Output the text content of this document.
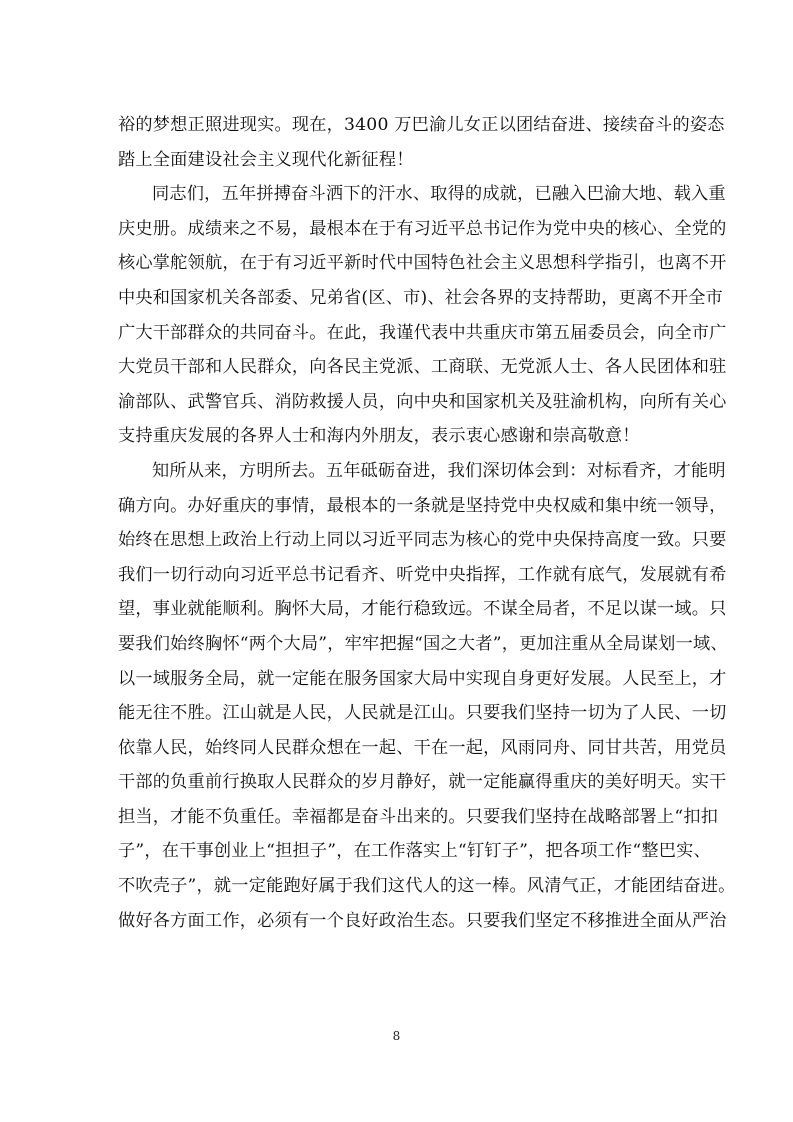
裕的梦想正照进现实。现在，3400 万巴渝儿女正以团结奋进、接续奋斗的姿态
踏上全面建设社会主义现代化新征程！
同志们，五年拼搏奋斗洒下的汗水、取得的成就，已融入巴渝大地、载入重
庆史册。成绩来之不易，最根本在于有习近平总书记作为党中央的核心、全党的
核心掌舵领航，在于有习近平新时代中国特色社会主义思想科学指引，也离不开
中央和国家机关各部委、兄弟省(区、市)、社会各界的支持帮助，更离不开全市
广大干部群众的共同奋斗。在此，我谨代表中共重庆市第五届委员会，向全市广
大党员干部和人民群众，向各民主党派、工商联、无党派人士、各人民团体和驻
渝部队、武警官兵、消防救援人员，向中央和国家机关及驻渝机构，向所有关心
支持重庆发展的各界人士和海内外朋友，表示衷心感谢和崇高敬意！
知所从来，方明所去。五年砥砺奋进，我们深切体会到：对标看齐，才能明
确方向。办好重庆的事情，最根本的一条就是坚持党中央权威和集中统一领导，
始终在思想上政治上行动上同以习近平同志为核心的党中央保持高度一致。只要
我们一切行动向习近平总书记看齐、听党中央指挥，工作就有底气，发展就有希
望，事业就能顺利。胸怀大局，才能行稳致远。不谋全局者，不足以谋一域。只
要我们始终胸怀“两个大局”，牢牢把握“国之大者”，更加注重从全局谋划一域、
以一域服务全局，就一定能在服务国家大局中实现自身更好发展。人民至上，才
能无往不胜。江山就是人民，人民就是江山。只要我们坚持一切为了人民、一切
依靠人民，始终同人民群众想在一起、干在一起，风雨同舟、同甘共苦，用党员
干部的负重前行换取人民群众的岁月静好，就一定能赢得重庆的美好明天。实干
担当，才能不负重任。幸福都是奋斗出来的。只要我们坚持在战略部署上“扣扣
子”，在干事创业上“担担子”，在工作落实上“钉钉子”，把各项工作“整巴实、
不吹壳子”，就一定能跑好属于我们这代人的这一棒。风清气正，才能团结奋进。
做好各方面工作，必须有一个良好政治生态。只要我们坚定不移推进全面从严治
8
